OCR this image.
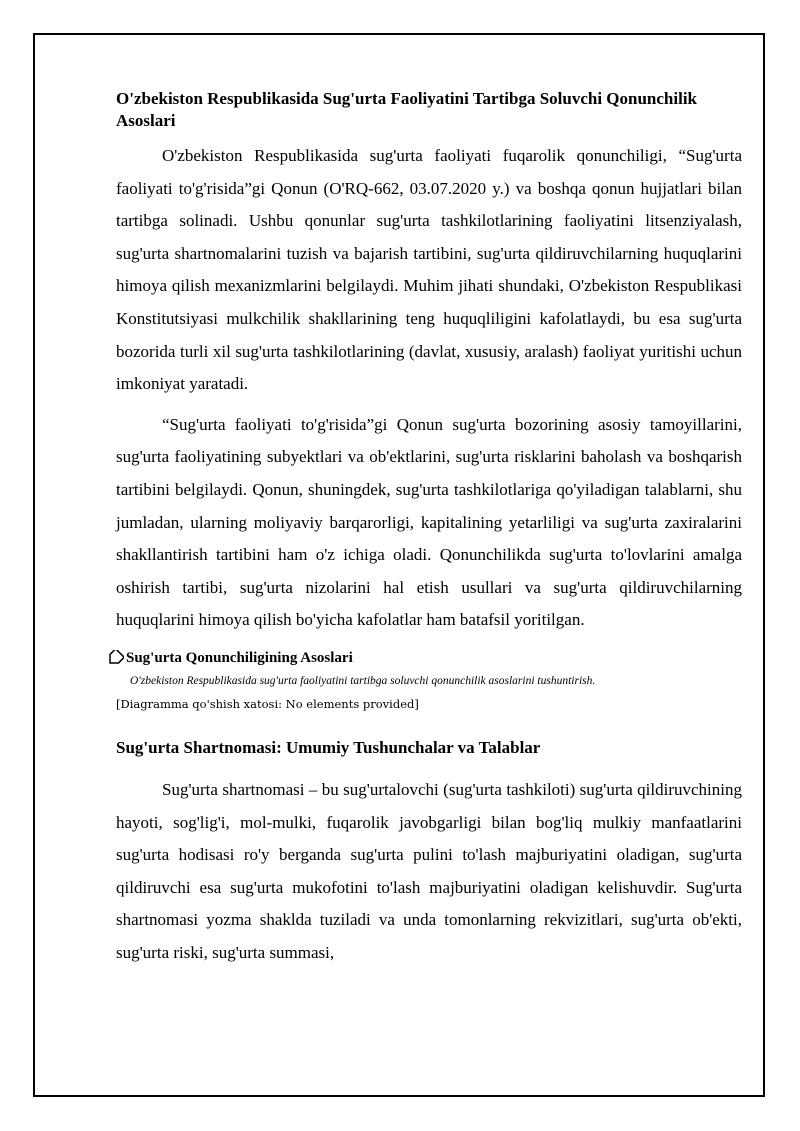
O'zbekiston Respublikasida Sug'urta Faoliyatini Tartibga Soluvchi Qonunchilik Asoslari

O'zbekiston Respublikasida sug'urta faoliyati fuqarolik qonunchiligi, “Sug'urta faoliyati to'g'risida”gi Qonun (O'RQ-662, 03.07.2020 y.) va boshqa qonun hujjatlari bilan tartibga solinadi. Ushbu qonunlar sug'urta tashkilotlarining faoliyatini litsenziyalash, sug'urta shartnomalarini tuzish va bajarish tartibini, sug'urta qildiruvchilarning huquqlarini himoya qilish mexanizmlarini belgilaydi. Muhim jihati shundaki, O'zbekiston Respublikasi Konstitutsiyasi mulkchilik shakllarining teng huquqliligini kafolatlaydi, bu esa sug'urta bozorida turli xil sug'urta tashkilotlarining (davlat, xususiy, aralash) faoliyat yuritishi uchun imkoniyat yaratadi.

“Sug'urta faoliyati to'g'risida”gi Qonun sug'urta bozorining asosiy tamoyillarini, sug'urta faoliyatining subyektlari va ob'ektlarini, sug'urta risklarini baholash va boshqarish tartibini belgilaydi. Qonun, shuningdek, sug'urta tashkilotlariga qo'yiladigan talablarni, shu jumladan, ularning moliyaviy barqarorligi, kapitalining yetarliligi va sug'urta zaxiralarini shakllantirish tartibini ham o'z ichiga oladi. Qonunchilikda sug'urta to'lovlarini amalga oshirish tartibi, sug'urta nizolarini hal etish usullari va sug'urta qildiruvchilarning huquqlarini himoya qilish bo'yicha kafolatlar ham batafsil yoritilgan.

Sug'urta Qonunchiligining Asoslari
O'zbekiston Respublikasida sug'urta faoliyatini tartibga soluvchi qonunchilik asoslarini tushuntirish.
[Diagramma qo'shish xatosi: No elements provided]
Sug'urta Shartnomasi: Umumiy Tushunchalar va Talablar

Sug'urta shartnomasi – bu sug'urtalovchi (sug'urta tashkiloti) sug'urta qildiruvchining hayoti, sog'lig'i, mol-mulki, fuqarolik javobgarligi bilan bog'liq mulkiy manfaatlarini sug'urta hodisasi ro'y berganda sug'urta pulini to'lash majburiyatini oladigan, sug'urta qildiruvchi esa sug'urta mukofotini to'lash majburiyatini oladigan kelishuvdir. Sug'urta shartnomasi yozma shaklda tuziladi va unda tomonlarning rekvizitlari, sug'urta ob'ekti, sug'urta riski, sug'urta summasi,
